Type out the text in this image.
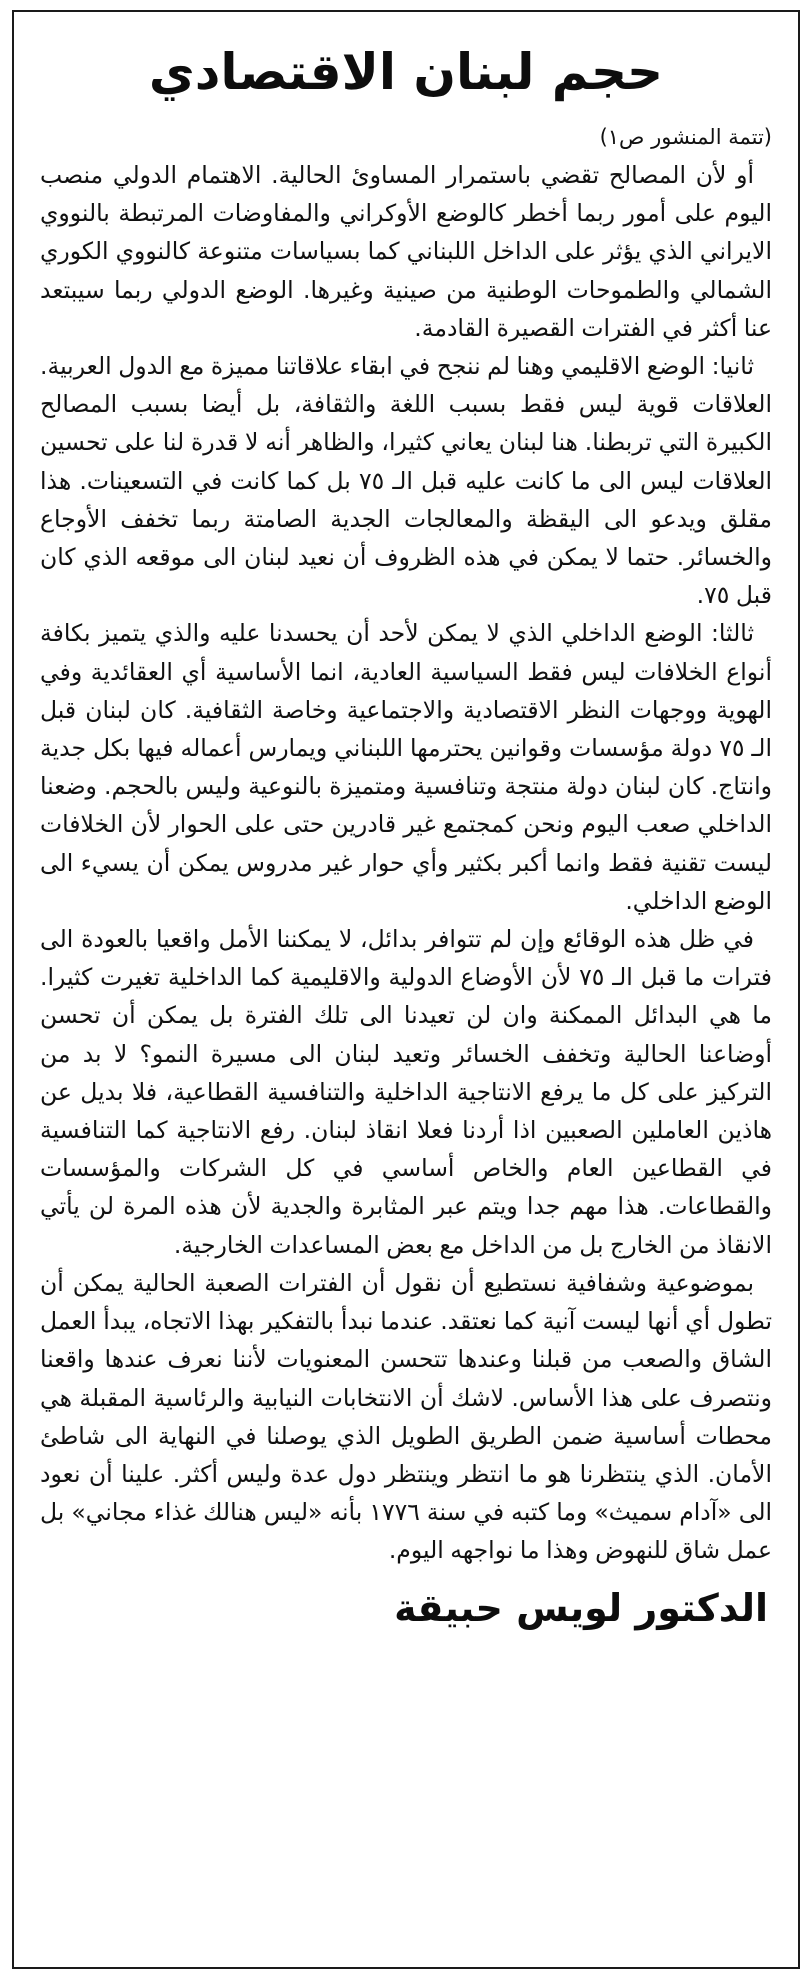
حجم لبنان الاقتصادي
(تتمة المنشور ص١)

أو لأن المصالح تقضي باستمرار المساوئ الحالية. الاهتمام الدولي منصب اليوم على أمور ربما أخطر كالوضع الأوكراني والمفاوضات المرتبطة بالنووي الايراني الذي يؤثر على الداخل اللبناني كما بسياسات متنوعة كالنووي الكوري الشمالي والطموحات الوطنية من صينية وغيرها. الوضع الدولي ربما سيبتعد عنا أكثر في الفترات القصيرة القادمة.

ثانيا: الوضع الاقليمي وهنا لم ننجح في ابقاء علاقاتنا مميزة مع الدول العربية. العلاقات قوية ليس فقط بسبب اللغة والثقافة، بل أيضا بسبب المصالح الكبيرة التي تربطنا. هنا لبنان يعاني كثيرا، والظاهر أنه لا قدرة لنا على تحسين العلاقات ليس الى ما كانت عليه قبل الـ ٧٥ بل كما كانت في التسعينات. هذا مقلق ويدعو الى اليقظة والمعالجات الجدية الصامتة ربما تخفف الأوجاع والخسائر. حتما لا يمكن في هذه الظروف أن نعيد لبنان الى موقعه الذي كان قبل ٧٥.

ثالثا: الوضع الداخلي الذي لا يمكن لأحد أن يحسدنا عليه والذي يتميز بكافة أنواع الخلافات ليس فقط السياسية العادية، انما الأساسية أي العقائدية وفي الهوية ووجهات النظر الاقتصادية والاجتماعية وخاصة الثقافية. كان لبنان قبل الـ ٧٥ دولة مؤسسات وقوانين يحترمها اللبناني ويمارس أعماله فيها بكل جدية وانتاج. كان لبنان دولة منتجة وتنافسية ومتميزة بالنوعية وليس بالحجم. وضعنا الداخلي صعب اليوم ونحن كمجتمع غير قادرين حتى على الحوار لأن الخلافات ليست تقنية فقط وانما أكبر بكثير وأي حوار غير مدروس يمكن أن يسيء الى الوضع الداخلي.

في ظل هذه الوقائع وإن لم تتوافر بدائل، لا يمكننا الأمل واقعيا بالعودة الى فترات ما قبل الـ ٧٥ لأن الأوضاع الدولية والاقليمية كما الداخلية تغيرت كثيرا. ما هي البدائل الممكنة وان لن تعيدنا الى تلك الفترة بل يمكن أن تحسن أوضاعنا الحالية وتخفف الخسائر وتعيد لبنان الى مسيرة النمو؟ لا بد من التركيز على كل ما يرفع الانتاجية الداخلية والتنافسية القطاعية، فلا بديل عن هاذين العاملين الصعبين اذا أردنا فعلا انقاذ لبنان. رفع الانتاجية كما التنافسية في القطاعين العام والخاص أساسي في كل الشركات والمؤسسات والقطاعات. هذا مهم جدا ويتم عبر المثابرة والجدية لأن هذه المرة لن يأتي الانقاذ من الخارج بل من الداخل مع بعض المساعدات الخارجية.

بموضوعية وشفافية نستطيع أن نقول أن الفترات الصعبة الحالية يمكن أن تطول أي أنها ليست آنية كما نعتقد. عندما نبدأ بالتفكير بهذا الاتجاه، يبدأ العمل الشاق والصعب من قبلنا وعندها تتحسن المعنويات لأننا نعرف عندها واقعنا ونتصرف على هذا الأساس. لاشك أن الانتخابات النيابية والرئاسية المقبلة هي محطات أساسية ضمن الطريق الطويل الذي يوصلنا في النهاية الى شاطئ الأمان. الذي ينتظرنا هو ما انتظر وينتظر دول عدة وليس أكثر. علينا أن نعود الى «آدام سميث» وما كتبه في سنة ١٧٧٦ بأنه «ليس هنالك غذاء مجاني» بل عمل شاق للنهوض وهذا ما نواجهه اليوم.

الدكتور لويس حبيقة
